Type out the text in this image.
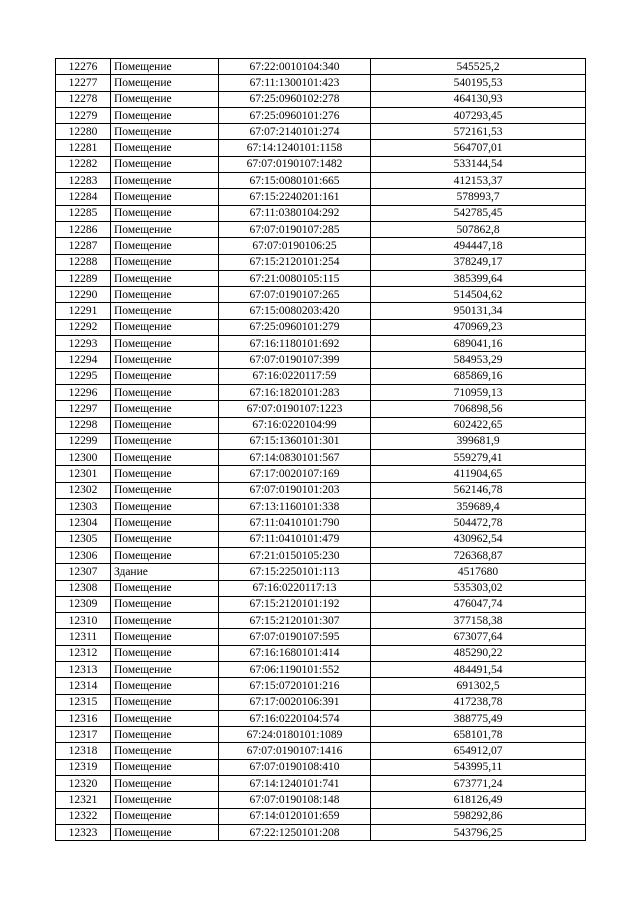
12276	Помещение	67:22:0010104:340	545525,2
12277	Помещение	67:11:1300101:423	540195,53
12278	Помещение	67:25:0960102:278	464130,93
12279	Помещение	67:25:0960101:276	407293,45
12280	Помещение	67:07:2140101:274	572161,53
12281	Помещение	67:14:1240101:1158	564707,01
12282	Помещение	67:07:0190107:1482	533144,54
12283	Помещение	67:15:0080101:665	412153,37
12284	Помещение	67:15:2240201:161	578993,7
12285	Помещение	67:11:0380104:292	542785,45
12286	Помещение	67:07:0190107:285	507862,8
12287	Помещение	67:07:0190106:25	494447,18
12288	Помещение	67:15:2120101:254	378249,17
12289	Помещение	67:21:0080105:115	385399,64
12290	Помещение	67:07:0190107:265	514504,62
12291	Помещение	67:15:0080203:420	950131,34
12292	Помещение	67:25:0960101:279	470969,23
12293	Помещение	67:16:1180101:692	689041,16
12294	Помещение	67:07:0190107:399	584953,29
12295	Помещение	67:16:0220117:59	685869,16
12296	Помещение	67:16:1820101:283	710959,13
12297	Помещение	67:07:0190107:1223	706898,56
12298	Помещение	67:16:0220104:99	602422,65
12299	Помещение	67:15:1360101:301	399681,9
12300	Помещение	67:14:0830101:567	559279,41
12301	Помещение	67:17:0020107:169	411904,65
12302	Помещение	67:07:0190101:203	562146,78
12303	Помещение	67:13:1160101:338	359689,4
12304	Помещение	67:11:0410101:790	504472,78
12305	Помещение	67:11:0410101:479	430962,54
12306	Помещение	67:21:0150105:230	726368,87
12307	Здание	67:15:2250101:113	4517680
12308	Помещение	67:16:0220117:13	535303,02
12309	Помещение	67:15:2120101:192	476047,74
12310	Помещение	67:15:2120101:307	377158,38
12311	Помещение	67:07:0190107:595	673077,64
12312	Помещение	67:16:1680101:414	485290,22
12313	Помещение	67:06:1190101:552	484491,54
12314	Помещение	67:15:0720101:216	691302,5
12315	Помещение	67:17:0020106:391	417238,78
12316	Помещение	67:16:0220104:574	388775,49
12317	Помещение	67:24:0180101:1089	658101,78
12318	Помещение	67:07:0190107:1416	654912,07
12319	Помещение	67:07:0190108:410	543995,11
12320	Помещение	67:14:1240101:741	673771,24
12321	Помещение	67:07:0190108:148	618126,49
12322	Помещение	67:14:0120101:659	598292,86
12323	Помещение	67:22:1250101:208	543796,25
